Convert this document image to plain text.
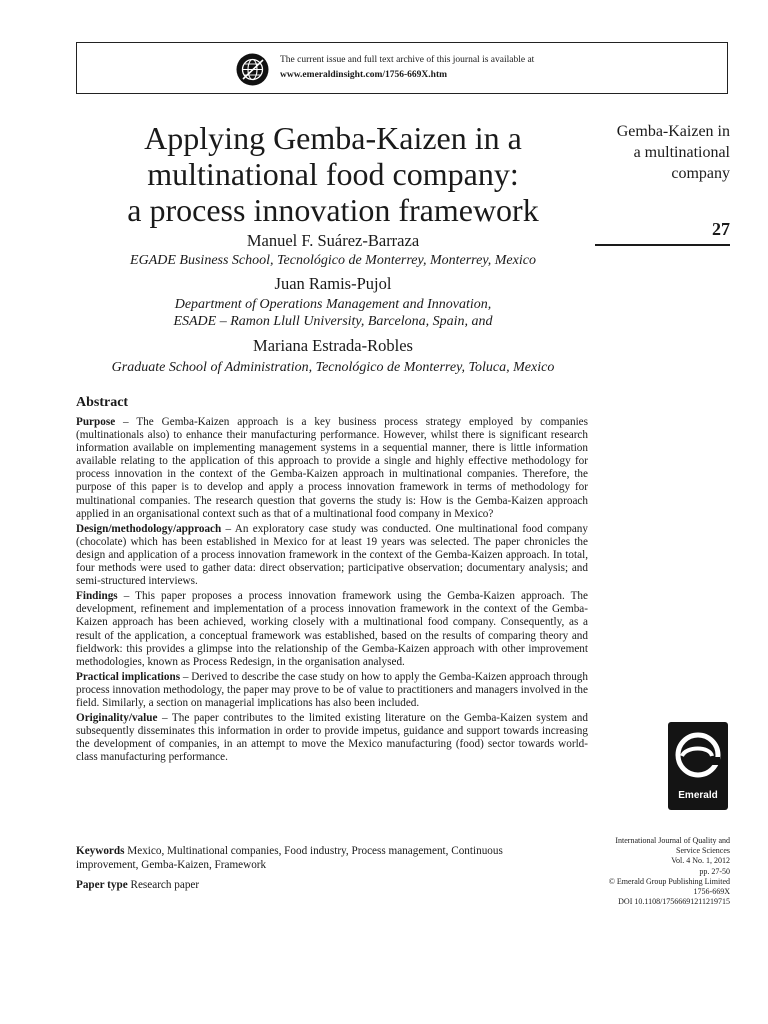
The current issue and full text archive of this journal is available at
www.emeraldinsight.com/1756-669X.htm
Applying Gemba-Kaizen in a
multinational food company:
a process innovation framework
Manuel F. Suárez-Barraza
EGADE Business School, Tecnológico de Monterrey, Monterrey, Mexico
Juan Ramis-Pujol
Department of Operations Management and Innovation,
ESADE – Ramon Llull University, Barcelona, Spain, and
Mariana Estrada-Robles
Graduate School of Administration, Tecnológico de Monterrey, Toluca, Mexico
Gemba-Kaizen in
a multinational
company
27
Abstract

Purpose – The Gemba-Kaizen approach is a key business process strategy employed by companies (multinationals also) to enhance their manufacturing performance. However, whilst there is significant research information available on implementing management systems in a sequential manner, there is little information available relating to the application of this approach to provide a single and highly effective methodology for process innovation in the context of the Gemba-Kaizen approach in multinational companies. Therefore, the purpose of this paper is to develop and apply a process innovation framework in terms of methodology for multinational companies. The research question that governs the study is: How is the Gemba-Kaizen approach applied in an organisational context such as that of a multinational food company in Mexico?

Design/methodology/approach – An exploratory case study was conducted. One multinational food company (chocolate) which has been established in Mexico for at least 19 years was selected. The paper chronicles the design and application of a process innovation framework in the context of the Gemba-Kaizen approach. In total, four methods were used to gather data: direct observation; participative observation; documentary analysis; and semi-structured interviews.

Findings – This paper proposes a process innovation framework using the Gemba-Kaizen approach. The development, refinement and implementation of a process innovation framework in the context of the Gemba-Kaizen approach has been achieved, working closely with a multinational food company. Consequently, as a result of the application, a conceptual framework was established, based on the results of comparing theory and fieldwork: this provides a glimpse into the relationship of the Gemba-Kaizen approach with other improvement methodologies, known as Process Redesign, in the organisation analysed.

Practical implications – Derived to describe the case study on how to apply the Gemba-Kaizen approach through process innovation methodology, the paper may prove to be of value to practitioners and managers involved in the field. Similarly, a section on managerial implications has also been included.

Originality/value – The paper contributes to the limited existing literature on the Gemba-Kaizen system and subsequently disseminates this information in order to provide impetus, guidance and support towards increasing the development of companies, in an attempt to move the Mexico manufacturing (food) sector towards world-class manufacturing performance.

Keywords Mexico, Multinational companies, Food industry, Process management, Continuous improvement, Gemba-Kaizen, Framework
Paper type Research paper
Emerald
International Journal of Quality and
Service Sciences
Vol. 4 No. 1, 2012
pp. 27-50
© Emerald Group Publishing Limited
1756-669X
DOI 10.1108/17566691211219715
